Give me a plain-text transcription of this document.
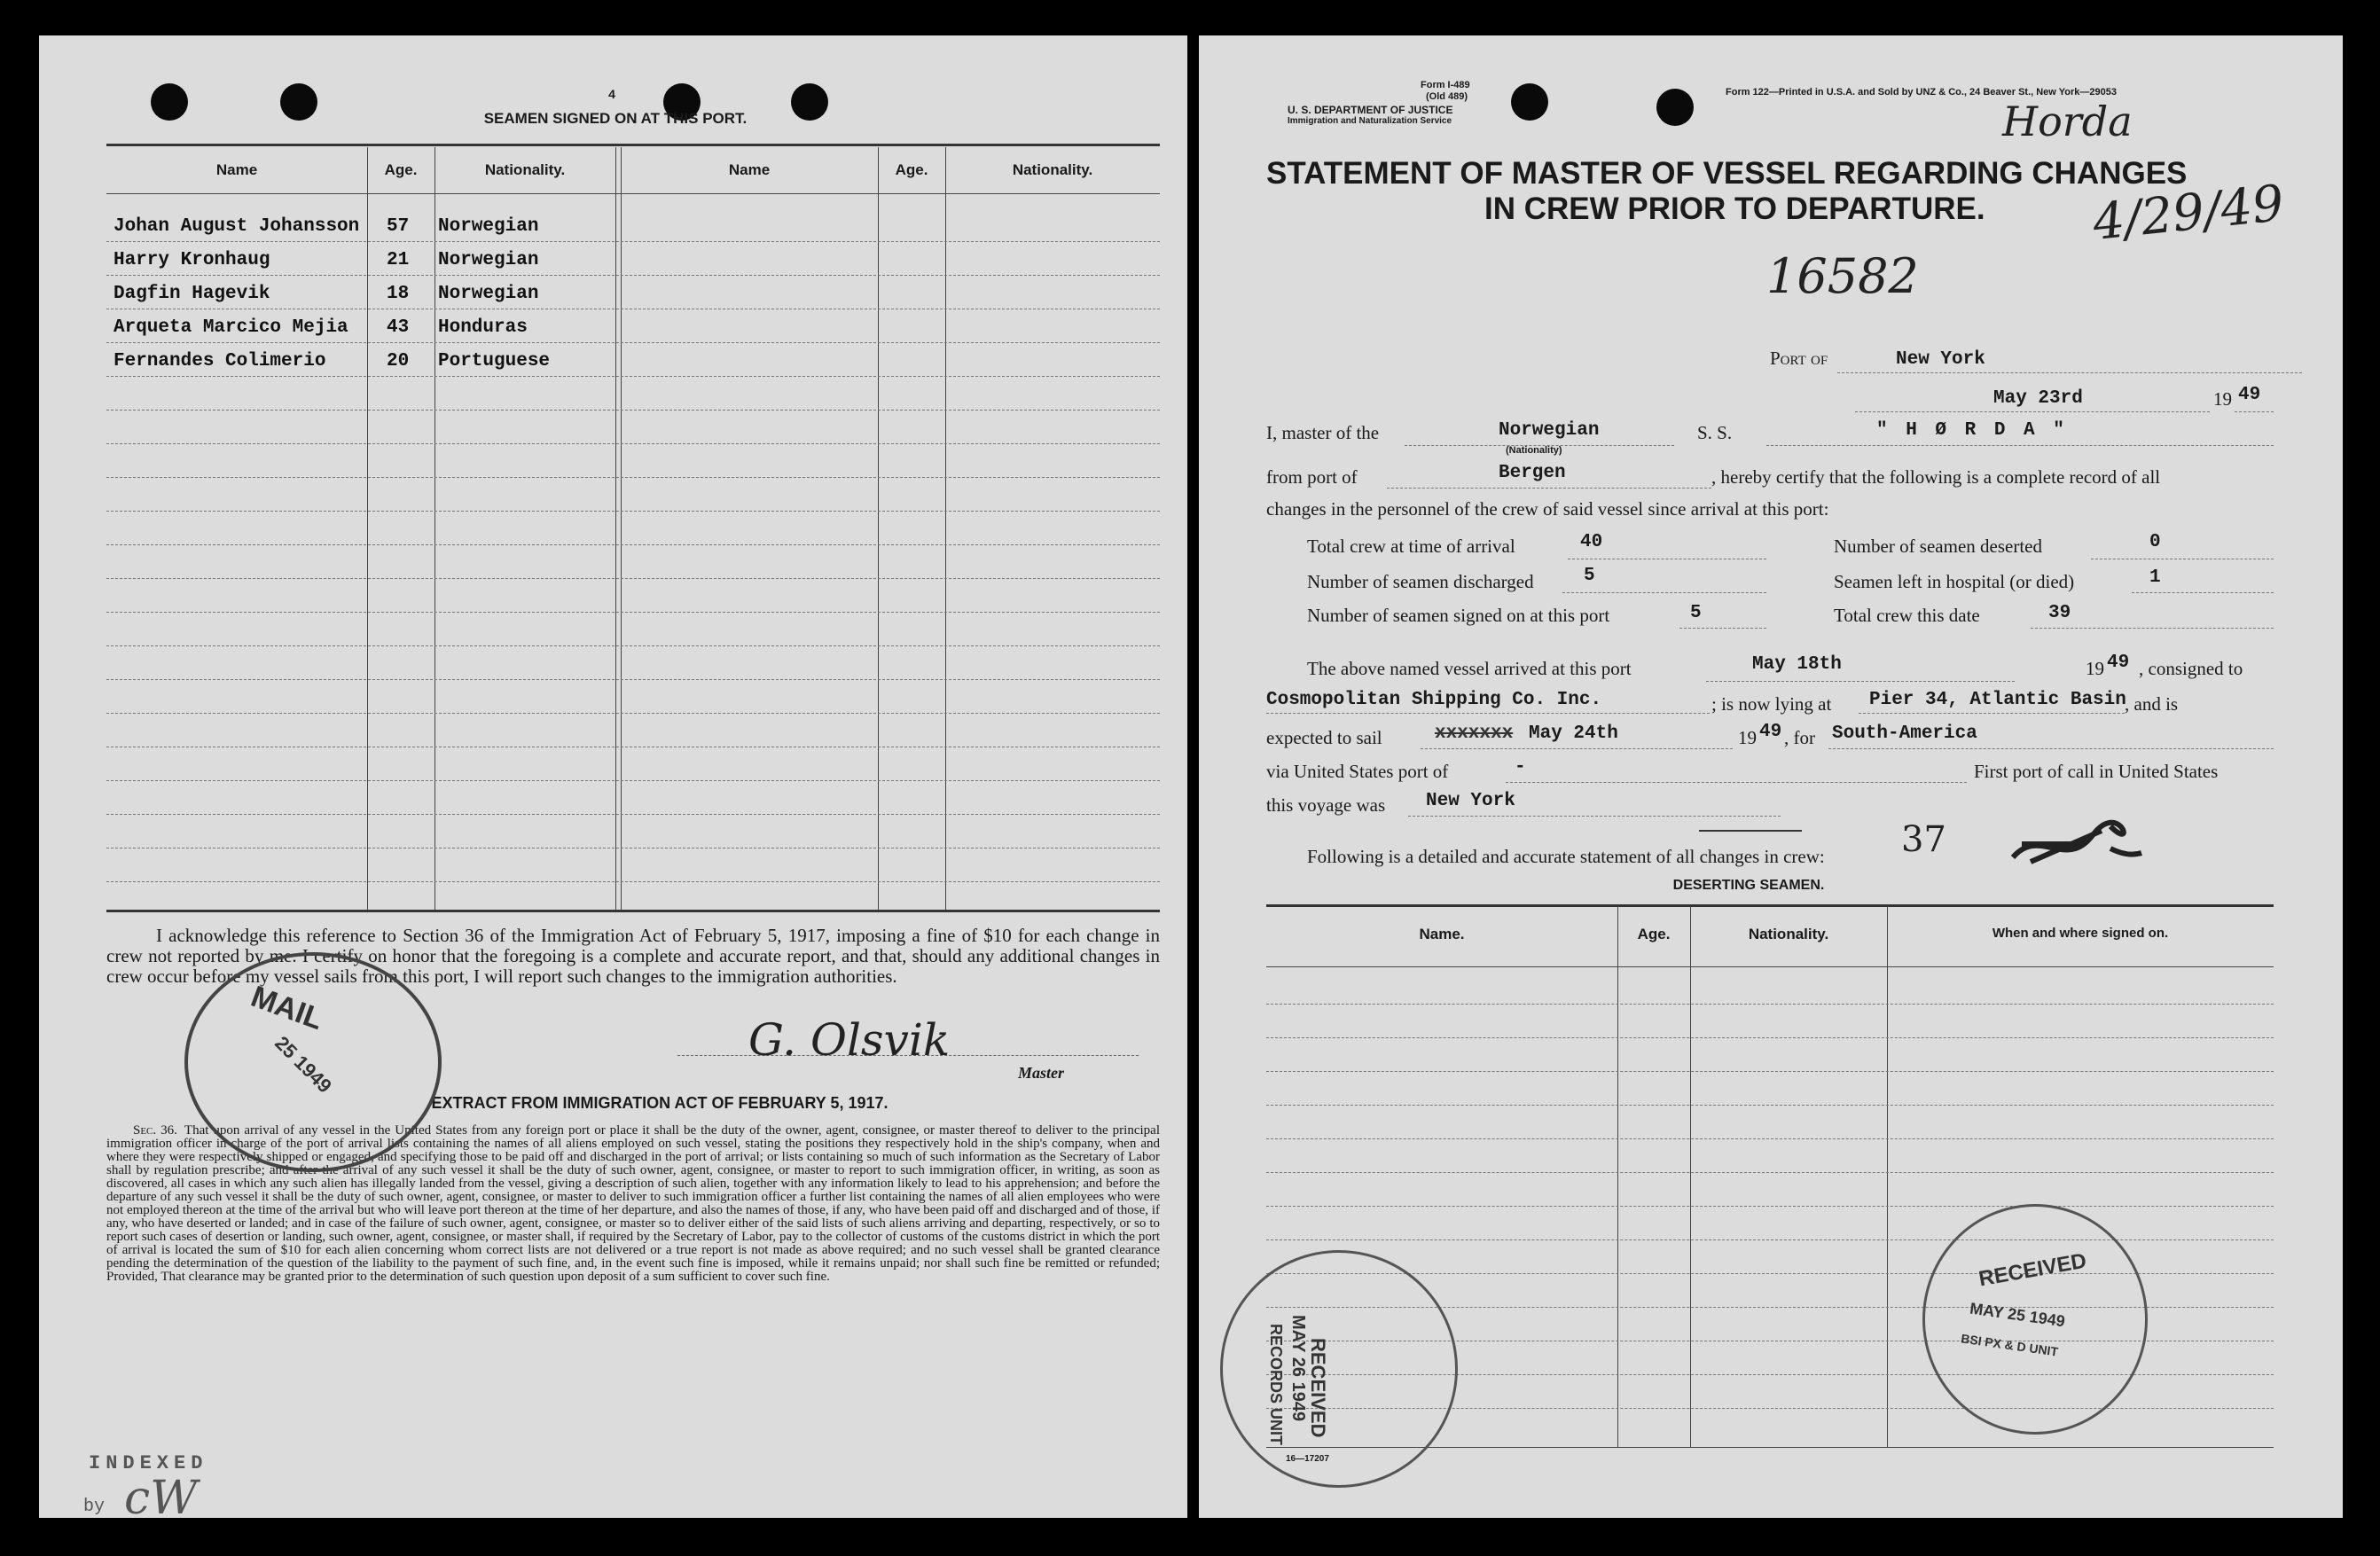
4
SEAMEN SIGNED ON AT THIS PORT.
Name	Age.	Nationality.	Name	Age.	Nationality.
Johan August Johansson 57 Norwegian
Harry Kronhaug	21 Norwegian
Dagfin Hagevik	18 Norwegian
Arqueta Marcico Mejia 43 Honduras
Fernandes Colimerio	20 Portuguese
I acknowledge this reference to Section 36 of the Immigration Act of February 5, 1917, imposing a fine of $10 for each change in crew not reported by me. I certify on honor that the foregoing is a complete and accurate report, and that, should any additional changes in crew occur before my vessel sails from this port, I will report such changes to the immigration authorities.
G. Olsvik
Master
EXTRACT FROM IMMIGRATION ACT OF FEBRUARY 5, 1917.
Sec. 36. That upon arrival of any vessel in the United States from any foreign port or place it shall be the duty of the owner, agent, consignee, or master thereof to deliver to the principal immigration officer in charge of the port of arrival lists containing the names of all aliens employed on such vessel, stating the positions they respectively hold in the ship's company, when and where they were respectively shipped or engaged, and specifying those to be paid off and discharged in the port of arrival; or lists containing so much of such information as the Secretary of Labor shall by regulation prescribe; and after the arrival of any such vessel it shall be the duty of such owner, agent, consignee, or master to report to such immigration officer, in writing, as soon as discovered, all cases in which any such alien has illegally landed from the vessel, giving a description of such alien, together with any information likely to lead to his apprehension; and before the departure of any such vessel it shall be the duty of such owner, agent, consignee, or master to deliver to such immigration officer a further list containing the names of all alien employees who were not employed thereon at the time of the arrival but who will leave port thereon at the time of her departure, and also the names of those, if any, who have been paid off and discharged and of those, if any, who have deserted or landed; and in case of the failure of such owner, agent, consignee, or master so to deliver either of the said lists of such aliens arriving and departing, respectively, or so to report such cases of desertion or landing, such owner, agent, consignee, or master shall, if required by the Secretary of Labor, pay to the collector of customs of the customs district in which the port of arrival is located the sum of $10 for each alien concerning whom correct lists are not delivered or a true report is not made as above required; and no such vessel shall be granted clearance pending the determination of the question of the liability to the payment of such fine, and, in the event such fine is imposed, while it remains unpaid; nor shall such fine be remitted or refunded; Provided, That clearance may be granted prior to the determination of such question upon deposit of a sum sufficient to cover such fine.
INDEXED
by cW
MAIL
25 1949
Form I-489
(Old 489)
U. S. DEPARTMENT OF JUSTICE
Immigration and Naturalization Service
Form 122—Printed in U.S.A. and Sold by UNZ & Co., 24 Beaver St., New York—29053
Horda
4/29/49
16582
STATEMENT OF MASTER OF VESSEL REGARDING CHANGES
IN CREW PRIOR TO DEPARTURE.
Port of	New York
May 23rd	19 49
I, master of the	Norwegian
(Nationality)
S. S.	" H Ø R D A "
from port of	Bergen	, hereby certify that the following is a complete record of all
changes in the personnel of the crew of said vessel since arrival at this port:
Total crew at time of arrival	40	Number of seamen deserted	0
Number of seamen discharged	5	Seamen left in hospital (or died)	1
Number of seamen signed on at this port	5	Total crew this date	39
The above named vessel arrived at this port	May 18th	19 49 , consigned to
Cosmopolitan Shipping Co. Inc.	; is now lying at Pier 34, Atlantic Basin
, and is
expected to sail	xxxxxxx May 24th	19 49 , for South-America
via United States port of	-	First port of call in United States
this voyage was New York
Following is a detailed and accurate statement of all changes in crew: 37
DESERTING SEAMEN.
Name.	Age.	Nationality.	When and where signed on.
16—17207
RECEIVED
MAY 26 1949
RECORDS UNIT
RECEIVED
MAY 25 1949
BSI PX & D UNIT
